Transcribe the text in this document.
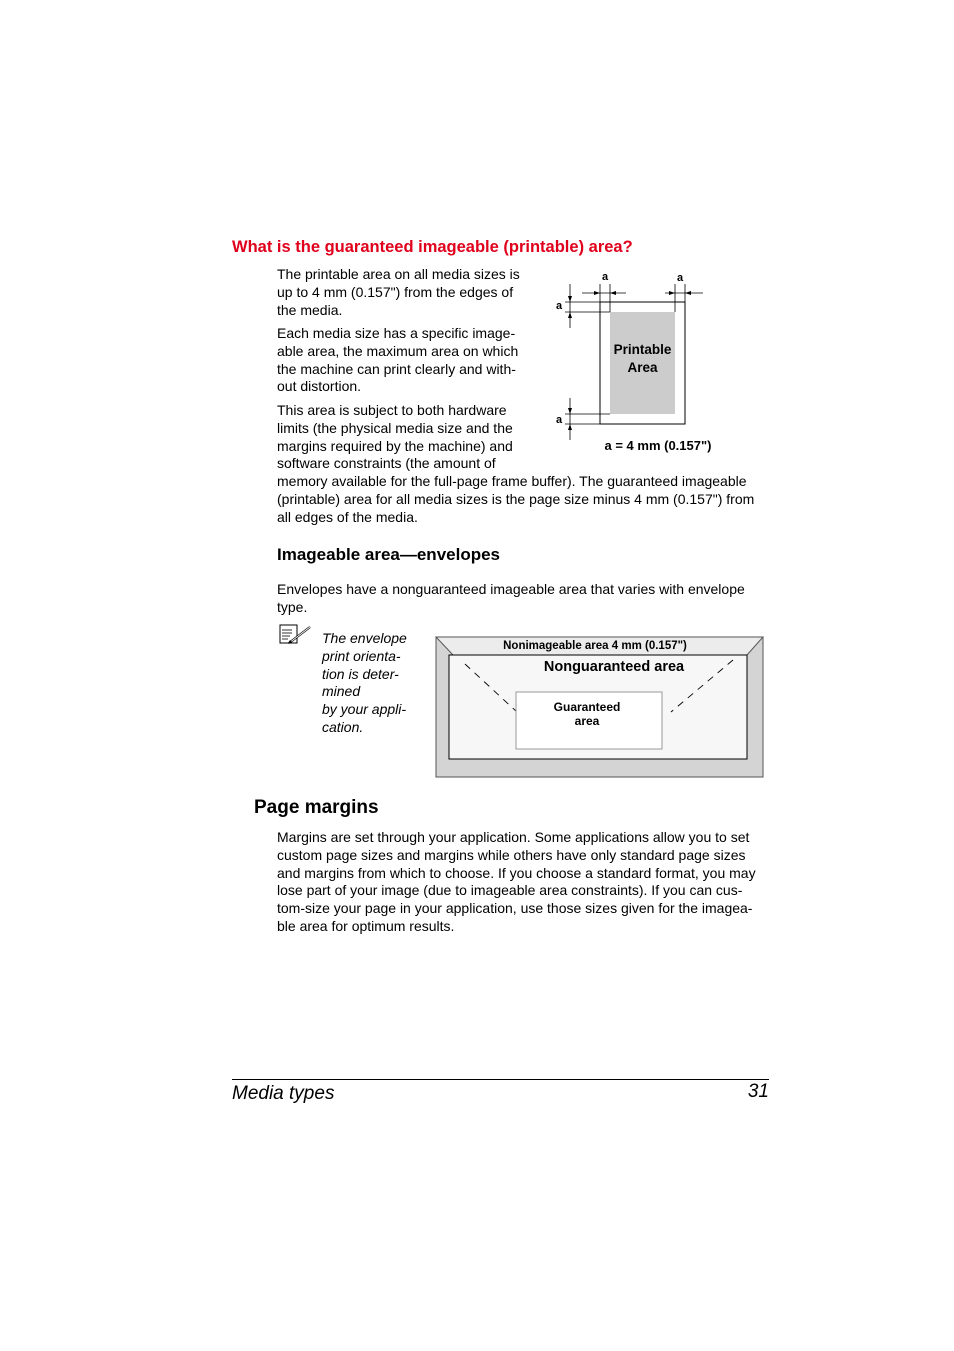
What is the guaranteed imageable (printable) area?
The printable area on all media sizes is up to 4 mm (0.157") from the edges of the media.
Each media size has a specific image-able area, the maximum area on which the machine can print clearly and with-out distortion.
This area is subject to both hardware limits (the physical media size and the margins required by the machine) and software constraints (the amount of
memory available for the full-page frame buffer). The guaranteed imageable (printable) area for all media sizes is the page size minus 4 mm (0.157") from all edges of the media.
a	a
a
a
Printable
Area
a = 4 mm (0.157")
Imageable area—envelopes
Envelopes have a nonguaranteed imageable area that varies with envelope type.
The envelope
print orienta-
tion is deter-
mined
by your appli-
cation.
Nonimageable area 4 mm (0.157")
Nonguaranteed area
Guaranteed
area
Page margins
Margins are set through your application. Some applications allow you to set custom page sizes and margins while others have only standard page sizes and margins from which to choose. If you choose a standard format, you may lose part of your image (due to imageable area constraints). If you can cus-tom-size your page in your application, use those sizes given for the imagea-ble area for optimum results.
Media types	31
